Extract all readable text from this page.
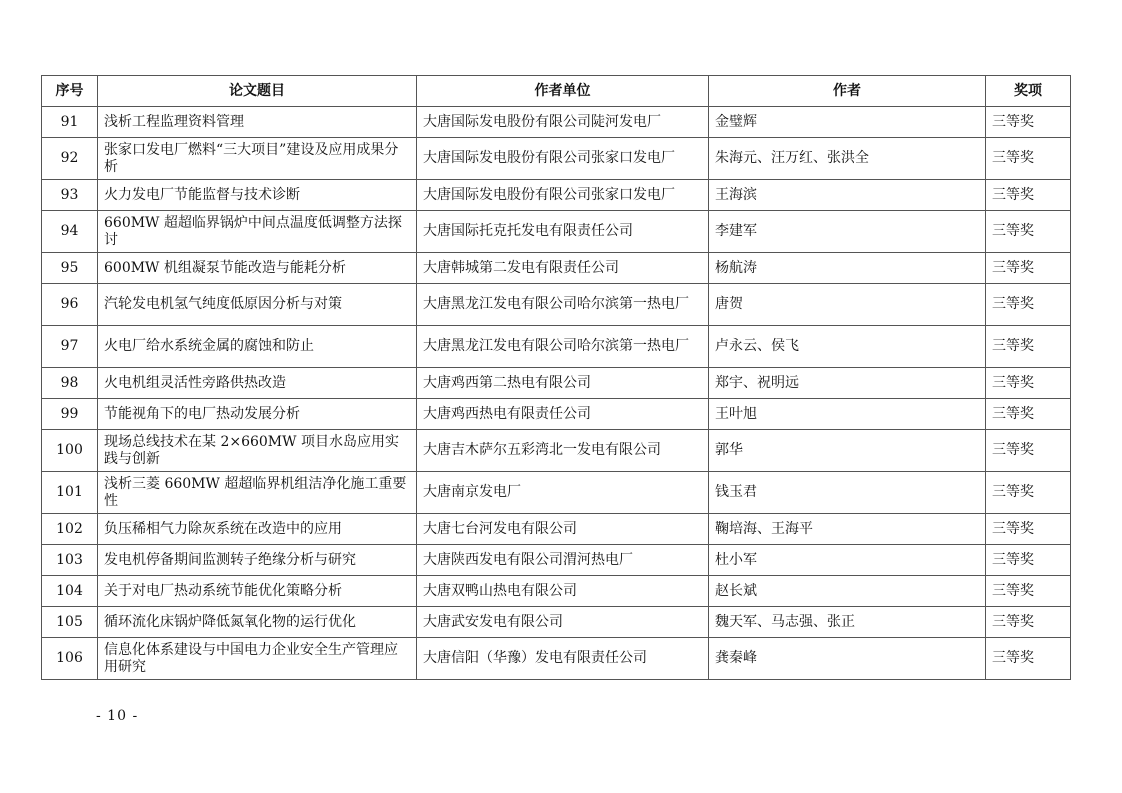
序号	论文题目	作者单位	作者	奖项
91	浅析工程监理资料管理	大唐国际发电股份有限公司陡河发电厂	金璧辉	三等奖
92	张家口发电厂燃料“三大项目”建设及应用成果分析	大唐国际发电股份有限公司张家口发电厂	朱海元、汪万红、张洪全	三等奖
93	火力发电厂节能监督与技术诊断	大唐国际发电股份有限公司张家口发电厂	王海滨	三等奖
94	660MW 超超临界锅炉中间点温度低调整方法探讨	大唐国际托克托发电有限责任公司	李建军	三等奖
95	600MW 机组凝泵节能改造与能耗分析	大唐韩城第二发电有限责任公司	杨航涛	三等奖
96	汽轮发电机氢气纯度低原因分析与对策	大唐黑龙江发电有限公司哈尔滨第一热电厂	唐贺	三等奖
97	火电厂给水系统金属的腐蚀和防止	大唐黑龙江发电有限公司哈尔滨第一热电厂	卢永云、侯飞	三等奖
98	火电机组灵活性旁路供热改造	大唐鸡西第二热电有限公司	郑宇、祝明远	三等奖
99	节能视角下的电厂热动发展分析	大唐鸡西热电有限责任公司	王叶旭	三等奖
100	现场总线技术在某 2×660MW 项目水岛应用实践与创新	大唐吉木萨尔五彩湾北一发电有限公司	郭华	三等奖
101	浅析三菱 660MW 超超临界机组洁净化施工重要性	大唐南京发电厂	钱玉君	三等奖
102	负压稀相气力除灰系统在改造中的应用	大唐七台河发电有限公司	鞠培海、王海平	三等奖
103	发电机停备期间监测转子绝缘分析与研究	大唐陕西发电有限公司渭河热电厂	杜小军	三等奖
104	关于对电厂热动系统节能优化策略分析	大唐双鸭山热电有限公司	赵长斌	三等奖
105	循环流化床锅炉降低氮氧化物的运行优化	大唐武安发电有限公司	魏天军、马志强、张正	三等奖
106	信息化体系建设与中国电力企业安全生产管理应用研究	大唐信阳（华豫）发电有限责任公司	龚秦峰	三等奖
- 10 -
